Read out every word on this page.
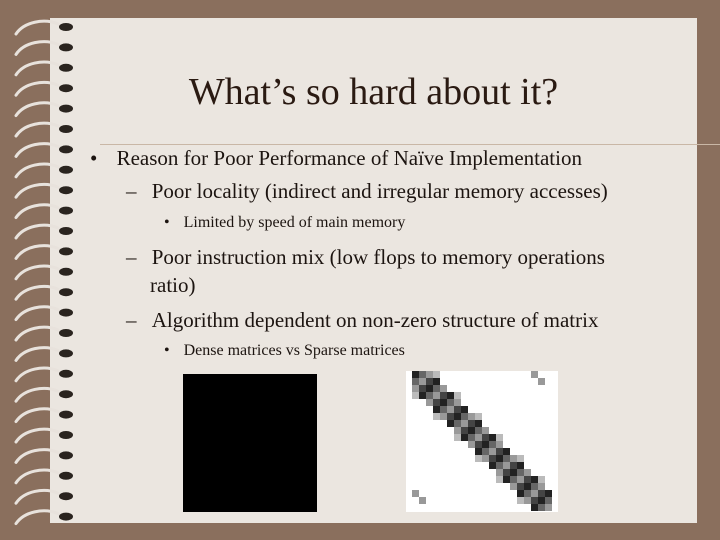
What’s so hard about it?
• Reason for Poor Performance of Naïve Implementation
– Poor locality (indirect and irregular memory accesses)
• Limited by speed of main memory
– Poor instruction mix (low flops to memory operations
ratio)
– Algorithm dependent on non-zero structure of matrix
• Dense matrices vs Sparse matrices
